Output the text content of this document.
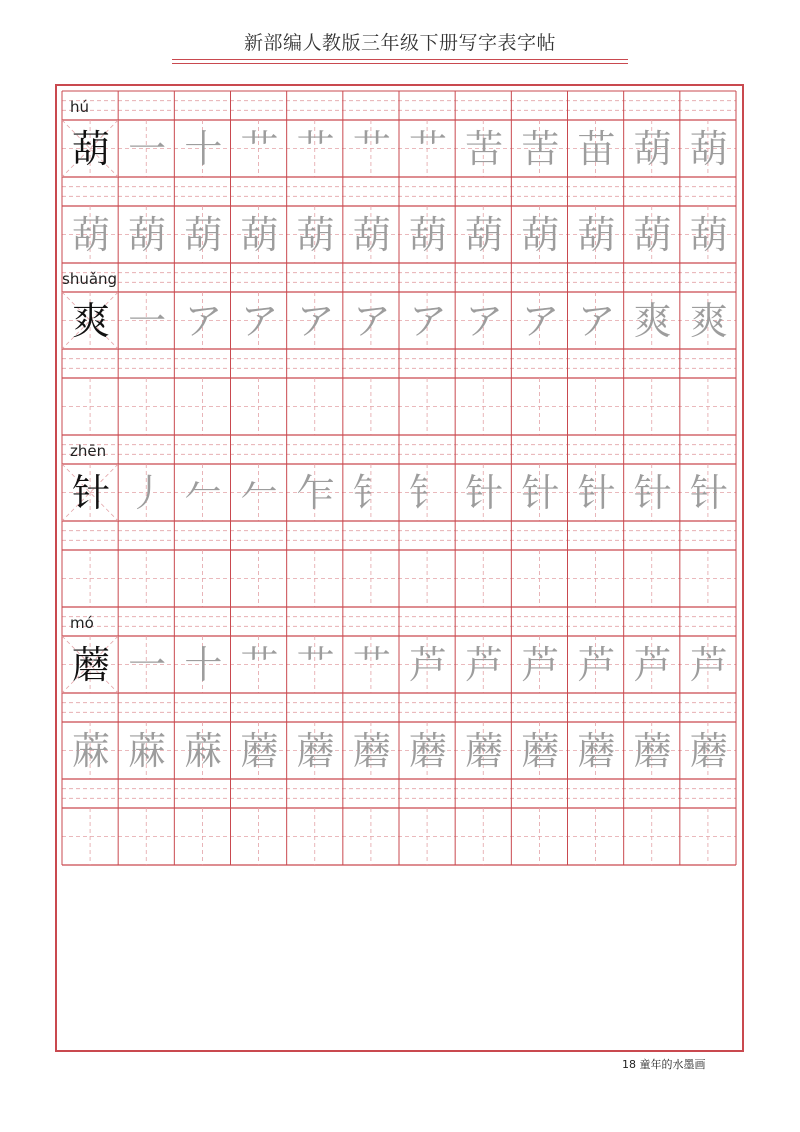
新部编人教版三年级下册写字表字帖
hú
葫 一 十 艹 艹 艹 艹 苦 苦 苗 葫 葫
葫 葫 葫 葫 葫 葫 葫 葫 葫 葫 葫 葫
shuǎng
爽 一 ア ア ア ア ア ア ア ア 爽 爽
zhēn
针 丿 𠂉 𠂉 乍 钅 钅 针 针 针 针 针
mó
蘑 一 十 艹 艹 艹 芦 芦 芦 芦 芦 芦
蔴 蔴 蔴 蘑 蘑 蘑 蘑 蘑 蘑 蘑 蘑 蘑
18 童年的水墨画
